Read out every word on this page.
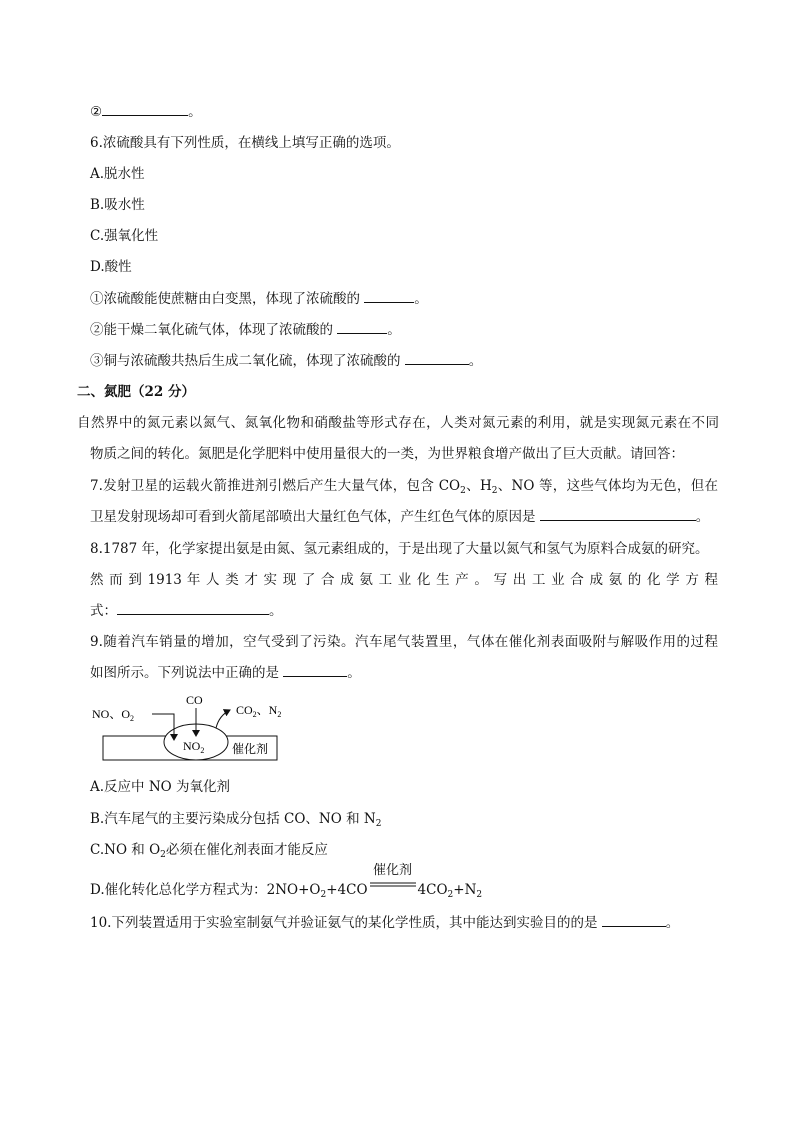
②	。
6.浓硫酸具有下列性质，在横线上填写正确的选项。
A.脱水性
B.吸水性
C.强氧化性
D.酸性
①浓硫酸能使蔗糖由白变黑，体现了浓硫酸的	。
②能干燥二氧化硫气体，体现了浓硫酸的	。
③铜与浓硫酸共热后生成二氧化硫，体现了浓硫酸的	。
二、氮肥（22 分）
自然界中的氮元素以氮气、氮氧化物和硝酸盐等形式存在，人类对氮元素的利用，就是实现氮元素在不同
物质之间的转化。氮肥是化学肥料中使用量很大的一类，为世界粮食增产做出了巨大贡献。请回答：
7.发射卫星的运载火箭推进剂引燃后产生大量气体，包含 $CO_2$、$H_2$、NO 等，这些气体均为无色，但在
卫星发射现场却可看到火箭尾部喷出大量红色气体，产生红色气体的原因是	。
8.1787 年，化学家提出氨是由氮、氢元素组成的，于是出现了大量以氮气和氢气为原料合成氨的研究。
然 而 到 1913 年 人 类 才 实 现 了 合 成 氨 工 业 化 生 产 。 写 出 工 业 合 成 氨 的 化 学 方 程
式：	。
9.随着汽车销量的增加，空气受到了污染。汽车尾气装置里，气体在催化剂表面吸附与解吸作用的过程
如图所示。下列说法中正确的是	。
NO、$O_2$
CO
$CO_2$、$N_2$
$NO_2$ 催化剂
A.反应中 NO 为氧化剂
B.汽车尾气的主要污染成分包括 CO、NO 和 $N_2$
C.NO 和 $O_2$必须在催化剂表面才能反应
D.催化转化总化学方程式为：$2NO+O_2+4CO$
催化剂
$4CO_2+N_2$
10.下列装置适用于实验室制氨气并验证氨气的某化学性质，其中能达到实验目的的是	。
